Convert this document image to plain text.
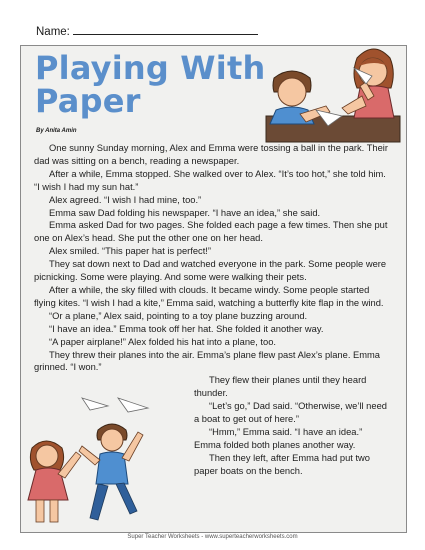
Name:
Playing With Paper
By Anita Amin

One sunny Sunday morning, Alex and Emma were tossing a ball in the park. Their dad was sitting on a bench, reading a newspaper.

After a while, Emma stopped. She walked over to Alex. “It’s too hot,” she told him. “I wish I had my sun hat.”

Alex agreed. “I wish I had mine, too.”

Emma saw Dad folding his newspaper. “I have an idea,” she said.

Emma asked Dad for two pages. She folded each page a few times. Then she put one on Alex’s head. She put the other one on her head.

Alex smiled. “This paper hat is perfect!”

They sat down next to Dad and watched everyone in the park. Some people were picnicking. Some were playing. And some were walking their pets.

After a while, the sky filled with clouds. It became windy. Some people started flying kites. “I wish I had a kite,” Emma said, watching a butterfly kite flap in the wind.

“Or a plane,” Alex said, pointing to a toy plane buzzing around.

“I have an idea.” Emma took off her hat. She folded it another way.

“A paper airplane!” Alex folded his hat into a plane, too.

They threw their planes into the air. Emma’s plane flew past Alex’s plane. Emma grinned. “I won.”

They flew their planes until they heard thunder.

“Let’s go,” Dad said. “Otherwise, we’ll need a boat to get out of here.”

“Hmm,” Emma said. “I have an idea.” Emma folded both planes another way.

Then they left, after Emma had put two paper boats on the bench.

Super Teacher Worksheets - www.superteacherworksheets.com
